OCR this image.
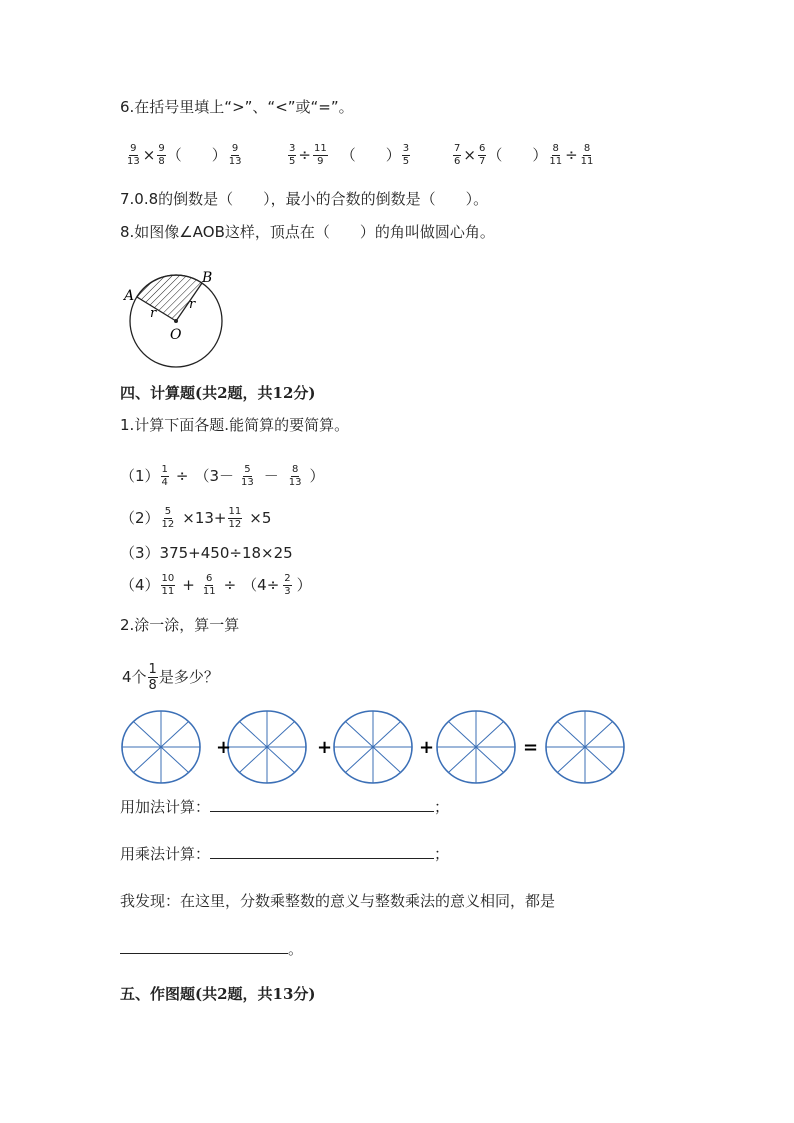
6.在括号里填上“>”、“<”或“=”。
$\frac{9}{13} \times \frac{9}{8}$ （　　） $\frac{9}{13}$	$\frac{3}{5} \div \frac{11}{9}$ （　　） $\frac{3}{5}$	$\frac{7}{6} \times \frac{6}{7}$ （　　） $\frac{8}{11} \div \frac{8}{11}$
7.0.8的倒数是（　　），最小的合数的倒数是（　　）。
8.如图像∠AOB这样，顶点在（　　）的角叫做圆心角。
A
B
O
r
r
四、计算题(共2题，共12分)
1.计算下面各题.能简算的要简算。
$(1) \frac{1}{4} \div (3- \frac{5}{13} - \frac{8}{13}$ ）
$(2) \frac{5}{12} \times 13+ \frac{11}{12} \times 5$
（3）375+450÷18×25
$(4) \frac{10}{11} + \frac{6}{11} \div (4\div \frac{2}{3}$ ）
2.涂一涂，算一算
4个 $\frac{1}{8}$ 是多少？
+	+	+	=
用加法计算：	；
用乘法计算：	；
我发现：在这里，分数乘整数的意义与整数乘法的意义相同，都是
。
五、作图题(共2题，共13分)
